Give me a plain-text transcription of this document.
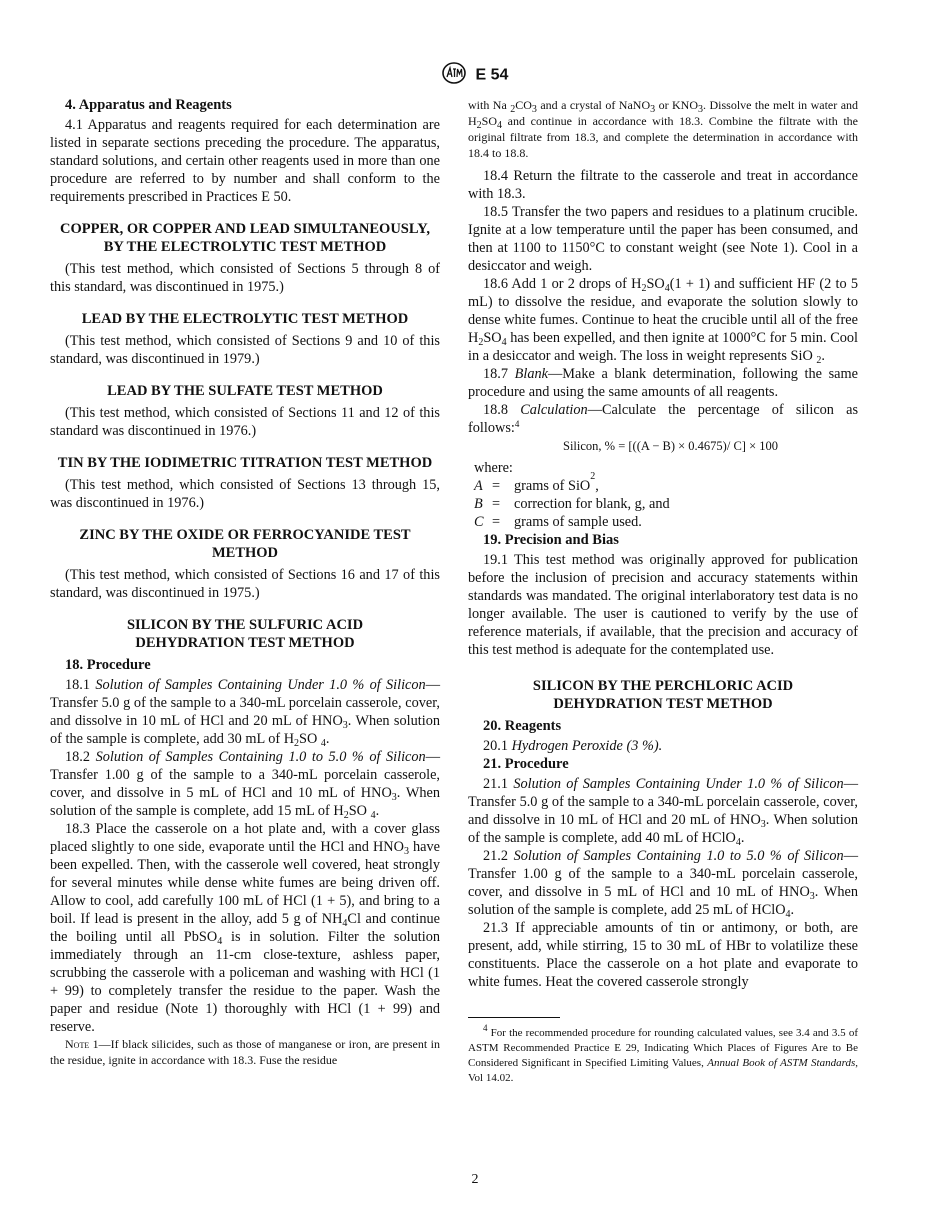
E 54
4. Apparatus and Reagents

4.1 Apparatus and reagents required for each determination are listed in separate sections preceding the procedure. The apparatus, standard solutions, and certain other reagents used in more than one procedure are referred to by number and shall conform to the requirements prescribed in Practices E 50.

COPPER, OR COPPER AND LEAD SIMULTANEOUSLY, BY THE ELECTROLYTIC TEST METHOD

(This test method, which consisted of Sections 5 through 8 of this standard, was discontinued in 1975.)

LEAD BY THE ELECTROLYTIC TEST METHOD

(This test method, which consisted of Sections 9 and 10 of this standard, was discontinued in 1979.)

LEAD BY THE SULFATE TEST METHOD

(This test method, which consisted of Sections 11 and 12 of this standard was discontinued in 1976.)

TIN BY THE IODIMETRIC TITRATION TEST METHOD

(This test method, which consisted of Sections 13 through 15, was discontinued in 1976.)

ZINC BY THE OXIDE OR FERROCYANIDE TEST METHOD

(This test method, which consisted of Sections 16 and 17 of this standard, was discontinued in 1975.)

SILICON BY THE SULFURIC ACID DEHYDRATION TEST METHOD
18. Procedure

18.1 Solution of Samples Containing Under 1.0 % of Silicon—Transfer 5.0 g of the sample to a 340-mL porcelain casserole, cover, and dissolve in 10 mL of HCl and 20 mL of $HNO_3$. When solution of the sample is complete, add 30 mL of $H_2SO$ $_4$.

18.2 Solution of Samples Containing 1.0 to 5.0 % of Silicon—Transfer 1.00 g of the sample to a 340-mL porcelain casserole, cover, and dissolve in 5 mL of HCl and 10 mL of $HNO_3$. When solution of the sample is complete, add 15 mL of $H_2SO$ $_4$.

18.3 Place the casserole on a hot plate and, with a cover glass placed slightly to one side, evaporate until the HCl and $HNO_3$ have been expelled. Then, with the casserole well covered, heat strongly for several minutes while dense white fumes are being driven off. Allow to cool, add carefully 100 mL of HCl (1 + 5), and bring to a boil. If lead is present in the alloy, add 5 g of $NH_4Cl$ and continue the boiling until all PbSO$_4$ is in solution. Filter the solution immediately through an 11-cm close-texture, ashless paper, scrubbing the casserole with a policeman and washing with HCl (1 + 99) to completely transfer the residue to the paper. Wash the paper and residue (Note 1) thoroughly with HCl (1 + 99) and reserve.

Note 1—If black silicides, such as those of manganese or iron, are present in the residue, ignite in accordance with 18.3. Fuse the residue

with Na $_2CO_3$ and a crystal of NaNO$_3$ or $KNO_3$. Dissolve the melt in water and $H_2SO_4$ and continue in accordance with 18.3. Combine the filtrate with the original filtrate from 18.3, and complete the determination in accordance with 18.4 to 18.8.

18.4 Return the filtrate to the casserole and treat in accordance with 18.3.

18.5 Transfer the two papers and residues to a platinum crucible. Ignite at a low temperature until the paper has been consumed, and then at 1100 to 1150°C to constant weight (see Note 1). Cool in a desiccator and weigh.

18.6 Add 1 or 2 drops of $H_2SO_4(1 + 1)$ and sufficient HF (2 to 5 mL) to dissolve the residue, and evaporate the solution slowly to dense white fumes. Continue to heat the crucible until all of the free $H_2SO_4$ has been expelled, and then ignite at 1000°C for 5 min. Cool in a desiccator and weigh. The loss in weight represents SiO $_2$.

18.7 Blank—Make a blank determination, following the same procedure and using the same amounts of all reagents.

18.8 Calculation—Calculate the percentage of silicon as follows:$^4$

Silicon, % = [((A − B) × 0.4675)/ C] × 100

where:

A = grams of SiO
2
,
B = correction for blank, g, and
C = grams of sample used.
19. Precision and Bias

19.1 This test method was originally approved for publication before the inclusion of precision and accuracy statements within standards was mandated. The original interlaboratory test data is no longer available. The user is cautioned to verify by the use of reference materials, if available, that the precision and accuracy of this test method is adequate for the contemplated use.

SILICON BY THE PERCHLORIC ACID DEHYDRATION TEST METHOD
20. Reagents

20.1 Hydrogen Peroxide (3 %).

21. Procedure

21.1 Solution of Samples Containing Under 1.0 % of Silicon—Transfer 5.0 g of the sample to a 340-mL porcelain casserole, cover, and dissolve in 10 mL of HCl and 20 mL of $HNO_3$. When solution of the sample is complete, add 40 mL of HClO$_4$.

21.2 Solution of Samples Containing 1.0 to 5.0 % of Silicon—Transfer 1.00 g of the sample to a 340-mL porcelain casserole, cover, and dissolve in 5 mL of HCl and 10 mL of $HNO_3$. When solution of the sample is complete, add 25 mL of HClO$_4$.

21.3 If appreciable amounts of tin or antimony, or both, are present, add, while stirring, 15 to 30 mL of HBr to volatilize these constituents. Place the casserole on a hot plate and evaporate to white fumes. Heat the covered casserole strongly

$^4$ For the recommended procedure for rounding calculated values, see 3.4 and 3.5 of ASTM Recommended Practice E 29, Indicating Which Places of Figures Are to Be Considered Significant in Specified Limiting Values, Annual Book of ASTM Standards, Vol 14.02.

2
